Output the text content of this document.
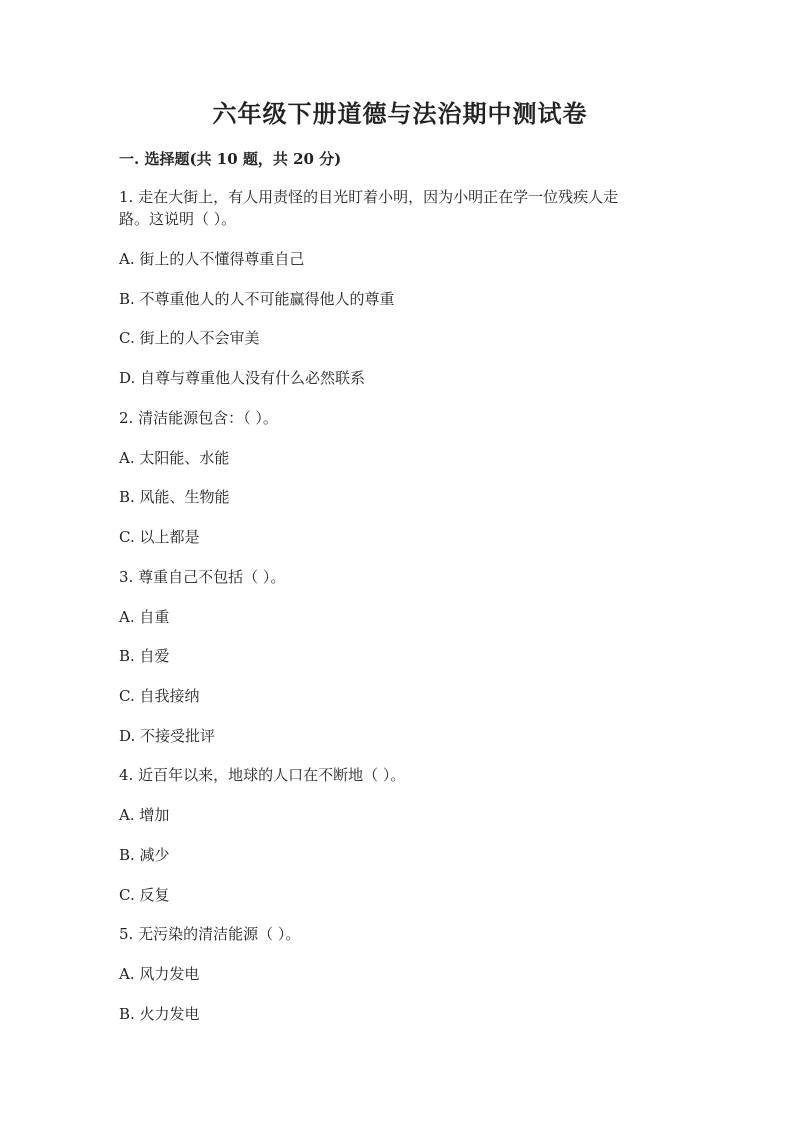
六年级下册道德与法治期中测试卷

一. 选择题(共 10 题，共 20 分)

1. 走在大街上，有人用责怪的目光盯着小明，因为小明正在学一位残疾人走

路。这说明（ ）。

A. 街上的人不懂得尊重自己

B. 不尊重他人的人不可能赢得他人的尊重

C. 街上的人不会审美

D. 自尊与尊重他人没有什么必然联系

2. 清洁能源包含：（ ）。

A. 太阳能、水能

B. 风能、生物能

C. 以上都是

3. 尊重自己不包括（ ）。

A. 自重

B. 自爱

C. 自我接纳

D. 不接受批评

4. 近百年以来，地球的人口在不断地（ ）。

A. 增加

B. 减少

C. 反复

5. 无污染的清洁能源（ ）。

A. 风力发电

B. 火力发电
